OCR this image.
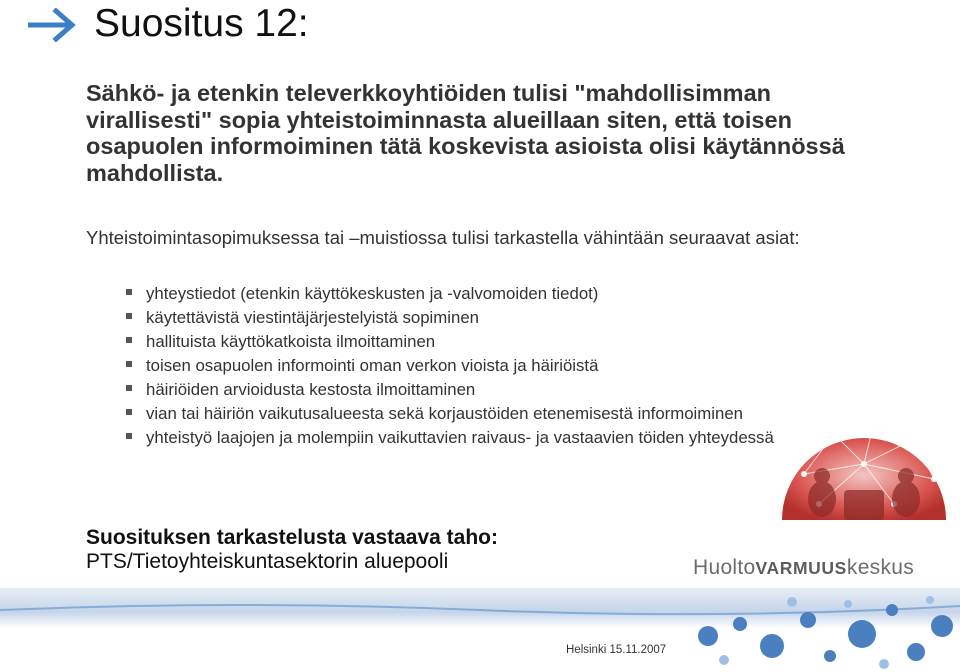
Suositus 12:

Sähkö- ja etenkin televerkkoyhtiöiden tulisi "mahdollisimman virallisesti" sopia yhteistoiminnasta alueillaan siten, että toisen osapuolen informoiminen tätä koskevista asioista olisi käytännössä mahdollista.

Yhteistoimintasopimuksessa tai –muistiossa tulisi tarkastella vähintään seuraavat asiat:

yhteystiedot (etenkin käyttökeskusten ja -valvomoiden tiedot)
käytettävistä viestintäjärjestelyistä sopiminen
hallituista käyttökatkoista ilmoittaminen
toisen osapuolen informointi oman verkon vioista ja häiriöistä
häiriöiden arvioidusta kestosta ilmoittaminen
vian tai häiriön vaikutusalueesta sekä korjaustöiden etenemisestä informoiminen
yhteistyö laajojen ja molempiin vaikuttavien raivaus- ja vastaavien töiden yhteydessä

Suosituksen tarkastelusta vastaava taho:

PTS/Tietoyhteiskuntasektorin aluepooli	HuoltoVARMUUSkeskus
Helsinki 15.11.2007
